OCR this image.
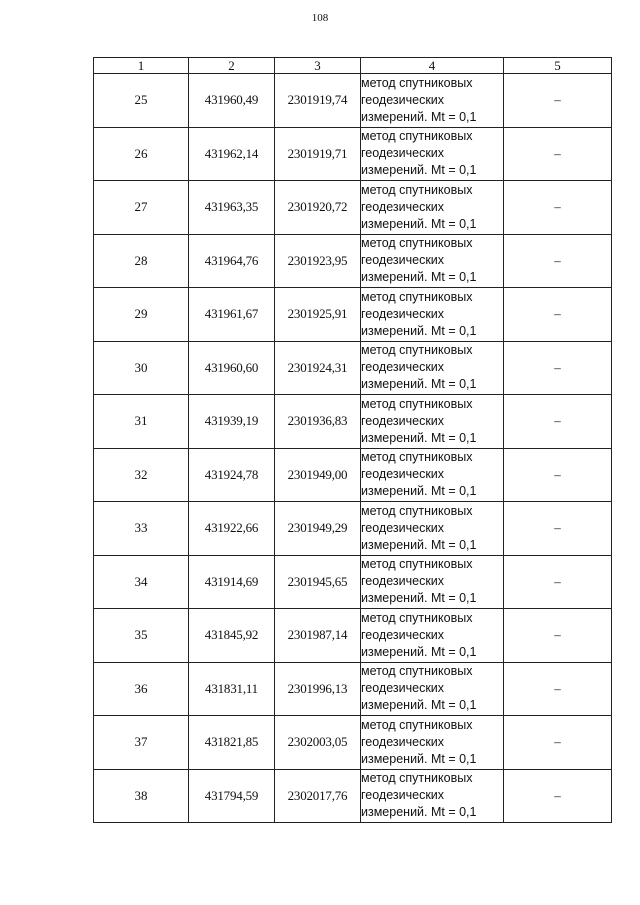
108
1	2	3	4	5
25	431960,49	2301919,74	метод спутниковых
геодезических
измерений. Mt = 0,1	–
26	431962,14	2301919,71	метод спутниковых
геодезических
измерений. Mt = 0,1	–
27	431963,35	2301920,72	метод спутниковых
геодезических
измерений. Mt = 0,1	–
28	431964,76	2301923,95	метод спутниковых
геодезических
измерений. Mt = 0,1	–
29	431961,67	2301925,91	метод спутниковых
геодезических
измерений. Mt = 0,1	–
30	431960,60	2301924,31	метод спутниковых
геодезических
измерений. Mt = 0,1	–
31	431939,19	2301936,83	метод спутниковых
геодезических
измерений. Mt = 0,1	–
32	431924,78	2301949,00	метод спутниковых
геодезических
измерений. Mt = 0,1	–
33	431922,66	2301949,29	метод спутниковых
геодезических
измерений. Mt = 0,1	–
34	431914,69	2301945,65	метод спутниковых
геодезических
измерений. Mt = 0,1	–
35	431845,92	2301987,14	метод спутниковых
геодезических
измерений. Mt = 0,1	–
36	431831,11	2301996,13	метод спутниковых
геодезических
измерений. Mt = 0,1	–
37	431821,85	2302003,05	метод спутниковых
геодезических
измерений. Mt = 0,1	–
38	431794,59	2302017,76	метод спутниковых
геодезических
измерений. Mt = 0,1	–
